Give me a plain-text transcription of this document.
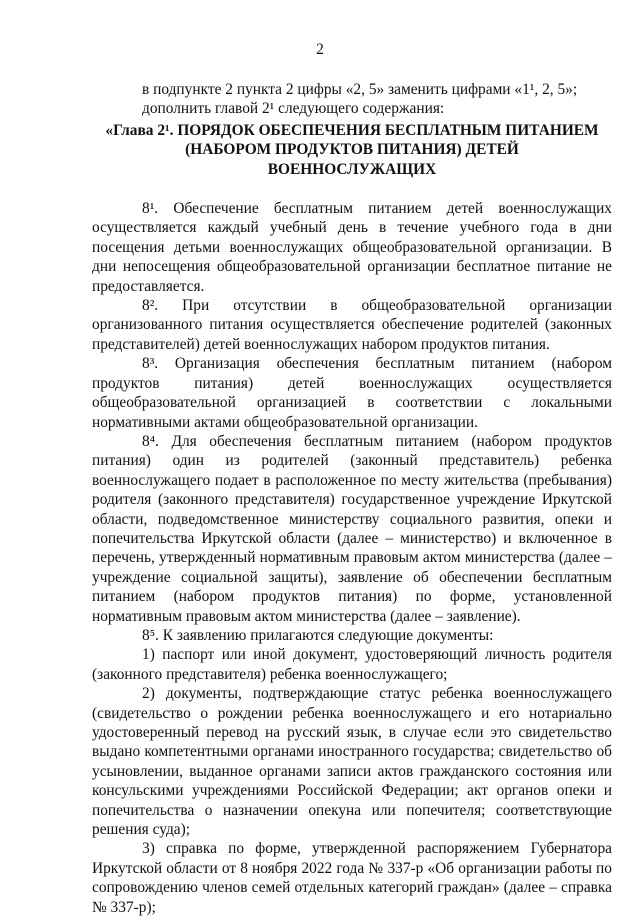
2

в подпункте 2 пункта 2 цифры «2, 5» заменить цифрами «1¹, 2, 5»;

дополнить главой 2¹ следующего содержания:

«Глава 2¹. ПОРЯДОК ОБЕСПЕЧЕНИЯ БЕСПЛАТНЫМ ПИТАНИЕМ (НАБОРОМ ПРОДУКТОВ ПИТАНИЯ) ДЕТЕЙ ВОЕННОСЛУЖАЩИХ

8¹. Обеспечение бесплатным питанием детей военнослужащих осуществляется каждый учебный день в течение учебного года в дни посещения детьми военнослужащих общеобразовательной организации. В дни непосещения общеобразовательной организации бесплатное питание не предоставляется.

8². При отсутствии в общеобразовательной организации организованного питания осуществляется обеспечение родителей (законных представителей) детей военнослужащих набором продуктов питания.

8³. Организация обеспечения бесплатным питанием (набором продуктов питания) детей военнослужащих осуществляется общеобразовательной организацией в соответствии с локальными нормативными актами общеобразовательной организации.

8⁴. Для обеспечения бесплатным питанием (набором продуктов питания) один из родителей (законный представитель) ребенка военнослужащего подает в расположенное по месту жительства (пребывания) родителя (законного представителя) государственное учреждение Иркутской области, подведомственное министерству социального развития, опеки и попечительства Иркутской области (далее – министерство) и включенное в перечень, утвержденный нормативным правовым актом министерства (далее – учреждение социальной защиты), заявление об обеспечении бесплатным питанием (набором продуктов питания) по форме, установленной нормативным правовым актом министерства (далее – заявление).

8⁵. К заявлению прилагаются следующие документы:

1) паспорт или иной документ, удостоверяющий личность родителя (законного представителя) ребенка военнослужащего;

2) документы, подтверждающие статус ребенка военнослужащего (свидетельство о рождении ребенка военнослужащего и его нотариально удостоверенный перевод на русский язык, в случае если это свидетельство выдано компетентными органами иностранного государства; свидетельство об усыновлении, выданное органами записи актов гражданского состояния или консульскими учреждениями Российской Федерации; акт органов опеки и попечительства о назначении опекуна или попечителя; соответствующие решения суда);

3) справка по форме, утвержденной распоряжением Губернатора Иркутской области от 8 ноября 2022 года № 337-р «Об организации работы по сопровождению членов семей отдельных категорий граждан» (далее – справка № 337-р);
